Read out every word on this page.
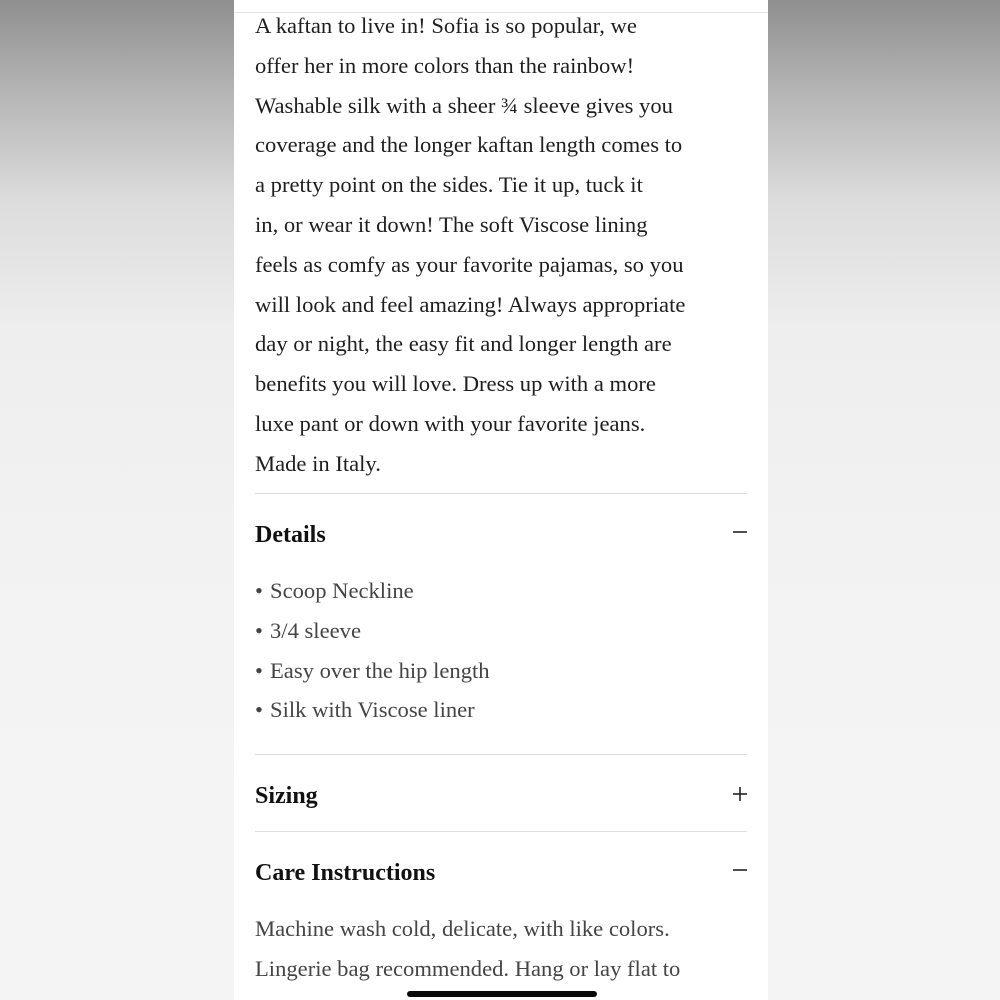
A kaftan to live in! Sofia is so popular, we
offer her in more colors than the rainbow!
Washable silk with a sheer ¾ sleeve gives you
coverage and the longer kaftan length comes to
a pretty point on the sides. Tie it up, tuck it
in, or wear it down! The soft Viscose lining
feels as comfy as your favorite pajamas, so you
will look and feel amazing! Always appropriate
day or night, the easy fit and longer length are
benefits you will love. Dress up with a more
luxe pant or down with your favorite jeans.
Made in Italy.

Details
• Scoop Neckline
• 3/4 sleeve
• Easy over the hip length
• Silk with Viscose liner
Sizing
Care Instructions

Machine wash cold, delicate, with like colors.
Lingerie bag recommended. Hang or lay flat to
